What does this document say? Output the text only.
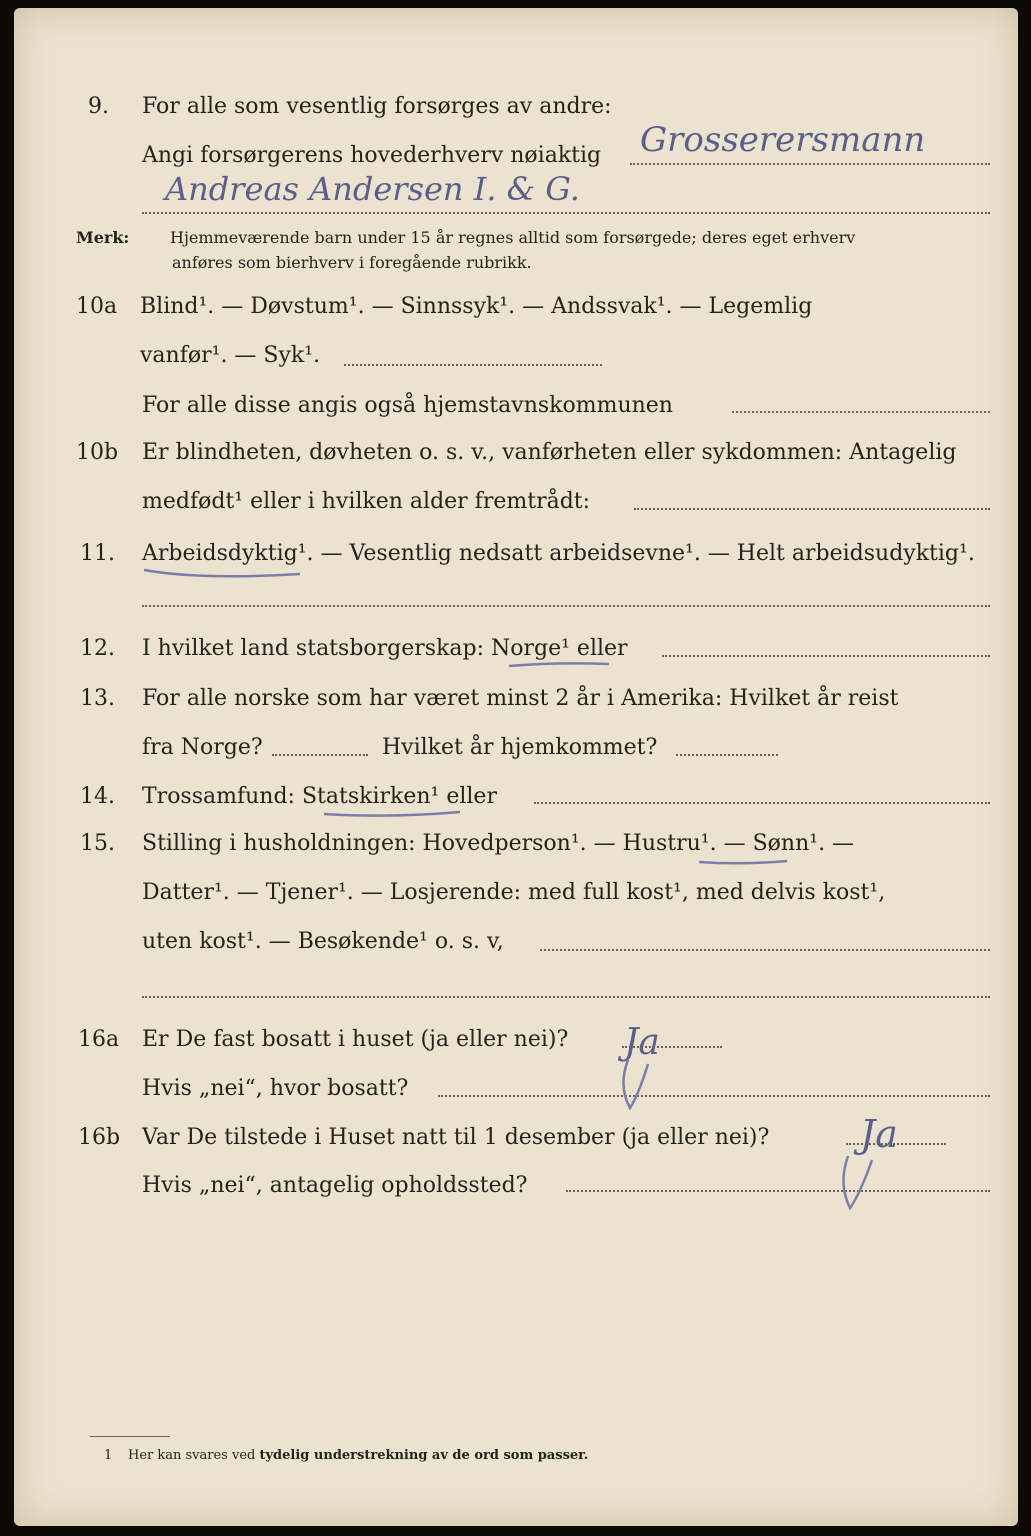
9. For alle som vesentlig forsørges av andre:
Angi forsørgerens hovederhverv nøiaktig Grosserersmann
Andreas Andersen I. & G.
Merk:	Hjemmeværende barn under 15 år regnes alltid som forsørgede; deres eget erhverv
anføres som bierhverv i foregående rubrikk.
10a Blind¹. — Døvstum¹. — Sinnssyk¹. — Andssvak¹. — Legemlig
vanfør¹. — Syk¹.
For alle disse angis også hjemstavnskommunen
10b Er blindheten, døvheten o. s. v., vanførheten eller sykdommen: Antagelig
medfødt¹ eller i hvilken alder fremtrådt:
11. Arbeidsdyktig¹. — Vesentlig nedsatt arbeidsevne¹. — Helt arbeidsudyktig¹.
12. I hvilket land statsborgerskap: Norge¹ eller
13. For alle norske som har været minst 2 år i Amerika: Hvilket år reist
fra Norge?	Hvilket år hjemkommet?
14. Trossamfund: Statskirken¹ eller
15. Stilling i husholdningen: Hovedperson¹. — Hustru¹. — Sønn¹. —
Datter¹. — Tjener¹. — Losjerende: med full kost¹, med delvis kost¹,
uten kost¹. — Besøkende¹ o. s. v,
16a Er De fast bosatt i huset (ja eller nei)? Ja
Hvis „nei“, hvor bosatt?
16b Var De tilstede i Huset natt til 1 desember (ja eller nei)? Ja
Hvis „nei“, antagelig opholdssted?
1 Her kan svares ved tydelig understrekning av de ord som passer.
